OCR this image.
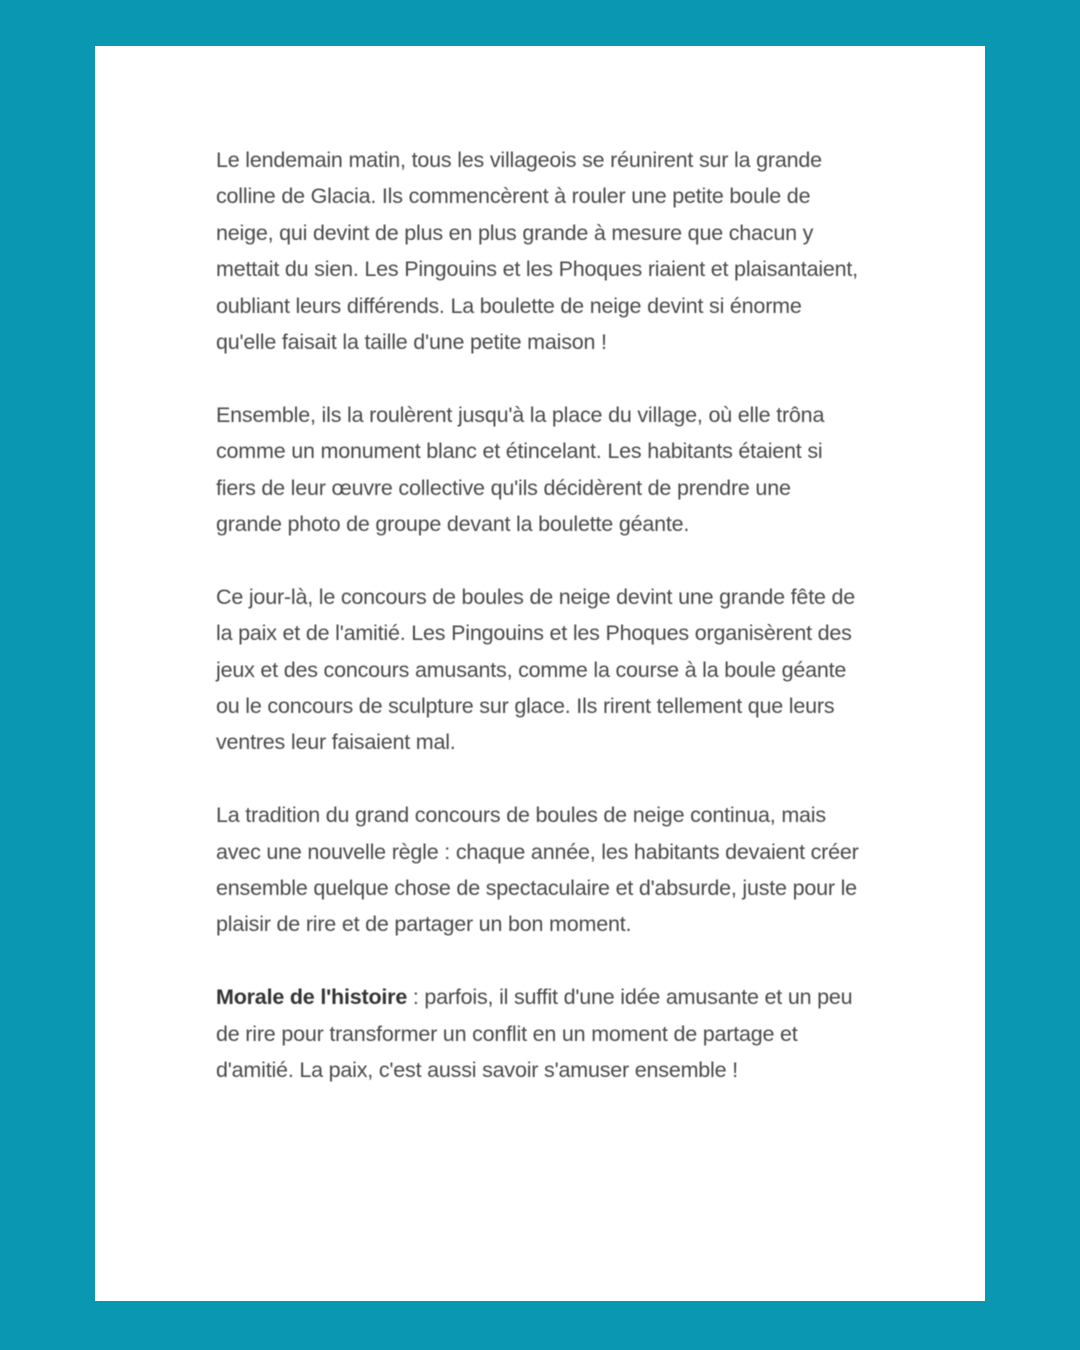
Le lendemain matin, tous les villageois se réunirent sur la grande colline de Glacia. Ils commencèrent à rouler une petite boule de neige, qui devint de plus en plus grande à mesure que chacun y mettait du sien. Les Pingouins et les Phoques riaient et plaisantaient, oubliant leurs différends. La boulette de neige devint si énorme qu'elle faisait la taille d'une petite maison !

Ensemble, ils la roulèrent jusqu'à la place du village, où elle trôna comme un monument blanc et étincelant. Les habitants étaient si fiers de leur œuvre collective qu'ils décidèrent de prendre une grande photo de groupe devant la boulette géante.

Ce jour-là, le concours de boules de neige devint une grande fête de la paix et de l'amitié. Les Pingouins et les Phoques organisèrent des jeux et des concours amusants, comme la course à la boule géante ou le concours de sculpture sur glace. Ils rirent tellement que leurs ventres leur faisaient mal.

La tradition du grand concours de boules de neige continua, mais avec une nouvelle règle : chaque année, les habitants devaient créer ensemble quelque chose de spectaculaire et d'absurde, juste pour le plaisir de rire et de partager un bon moment.

Morale de l'histoire : parfois, il suffit d'une idée amusante et un peu de rire pour transformer un conflit en un moment de partage et d'amitié. La paix, c'est aussi savoir s'amuser ensemble !
